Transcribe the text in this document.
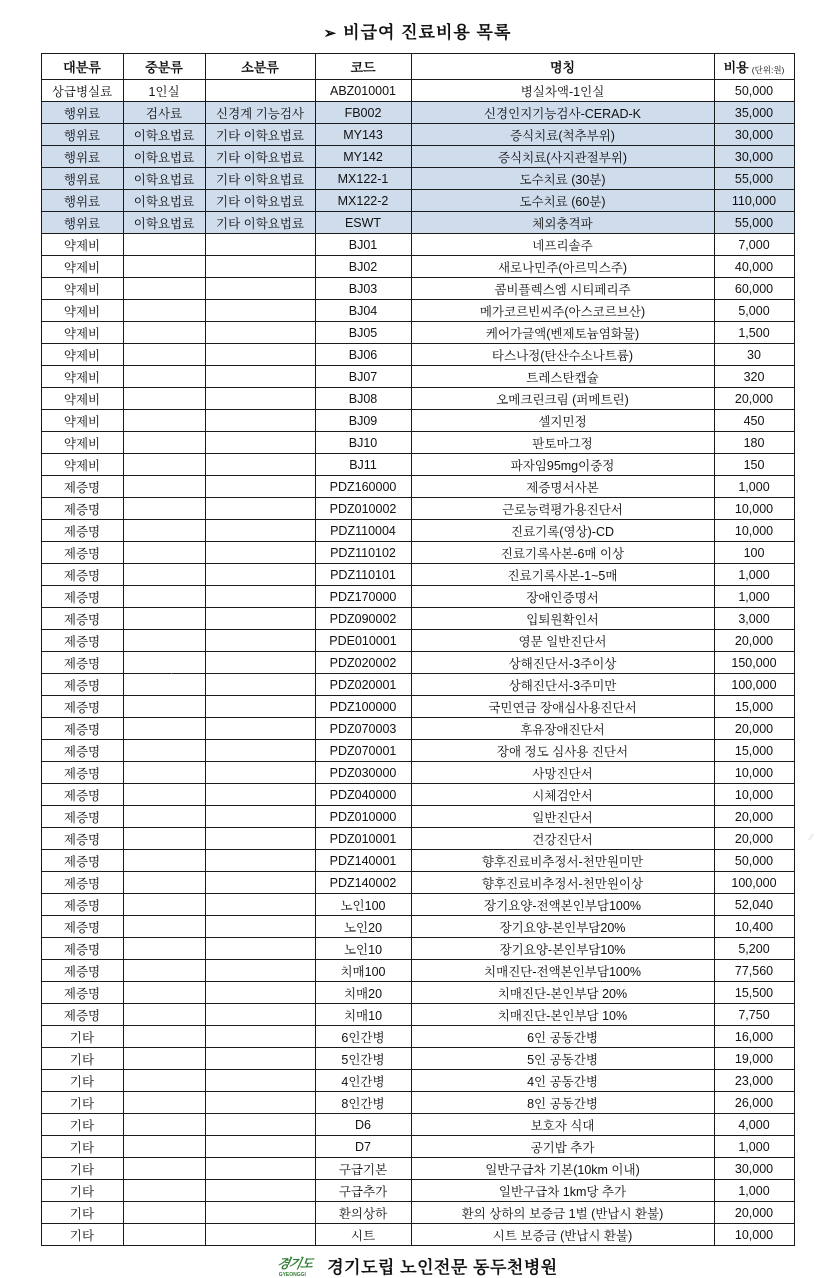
➢ 비급여 진료비용 목록
대분류	중분류	소분류	코드	명칭	비용 (단위:원)
상급병실료	1인실		ABZ010001	병실차액-1인실	50,000
행위료	검사료	신경계 기능검사	FB002	신경인지기능검사-CERAD-K	35,000
행위료	이학요법료	기타 이학요법료	MY143	증식치료(척추부위)	30,000
행위료	이학요법료	기타 이학요법료	MY142	증식치료(사지관절부위)	30,000
행위료	이학요법료	기타 이학요법료	MX122-1	도수치료 (30분)	55,000
행위료	이학요법료	기타 이학요법료	MX122-2	도수치료 (60분)	110,000
행위료	이학요법료	기타 이학요법료	ESWT	체외충격파	55,000
약제비			BJ01	네프리솔주	7,000
약제비			BJ02	새로나민주(아르믹스주)	40,000
약제비			BJ03	콤비플렉스엠 시티페리주	60,000
약제비			BJ04	메가코르빈씨주(아스코르브산)	5,000
약제비			BJ05	케어가글액(벤제토늄염화물)	1,500
약제비			BJ06	타스나정(탄산수소나트륨)	30
약제비			BJ07	트레스탄캡슐	320
약제비			BJ08	오메크린크림 (퍼메트린)	20,000
약제비			BJ09	셀지민정	450
약제비			BJ10	판토마그정	180
약제비			BJ11	파자임95mg이중정	150
제증명			PDZ160000	제증명서사본	1,000
제증명			PDZ010002	근로능력평가용진단서	10,000
제증명			PDZ110004	진료기록(영상)-CD	10,000
제증명			PDZ110102	진료기록사본-6매 이상	100
제증명			PDZ110101	진료기록사본-1~5매	1,000
제증명			PDZ170000	장애인증명서	1,000
제증명			PDZ090002	입퇴원확인서	3,000
제증명			PDE010001	영문 일반진단서	20,000
제증명			PDZ020002	상해진단서-3주이상	150,000
제증명			PDZ020001	상해진단서-3주미만	100,000
제증명			PDZ100000	국민연금 장애심사용진단서	15,000
제증명			PDZ070003	후유장애진단서	20,000
제증명			PDZ070001	장애 정도 심사용 진단서	15,000
제증명			PDZ030000	사망진단서	10,000
제증명			PDZ040000	시체검안서	10,000
제증명			PDZ010000	일반진단서	20,000
제증명			PDZ010001	건강진단서	20,000
제증명			PDZ140001	향후진료비추정서-천만원미만	50,000
제증명			PDZ140002	향후진료비추정서-천만원이상	100,000
제증명			노인100	장기요양-전액본인부담100%	52,040
제증명			노인20	장기요양-본인부담20%	10,400
제증명			노인10	장기요양-본인부담10%	5,200
제증명			치매100	치매진단-전액본인부담100%	77,560
제증명			치매20	치매진단-본인부담 20%	15,500
제증명			치매10	치매진단-본인부담 10%	7,750
기타			6인간병	6인 공동간병	16,000
기타			5인간병	5인 공동간병	19,000
기타			4인간병	4인 공동간병	23,000
기타			8인간병	8인 공동간병	26,000
기타			D6	보호자 식대	4,000
기타			D7	공기밥 추가	1,000
기타			구급기본	일반구급차 기본(10km 이내)	30,000
기타			구급추가	일반구급차 1km당 추가	1,000
기타			환의상하	환의 상하의 보증금 1벌 (반납시 환불)	20,000
기타			시트	시트 보증금 (반납시 환불)	10,000
경기도
GYEONGGI 경기도립 노인전문 동두천병원
·
∕∕
